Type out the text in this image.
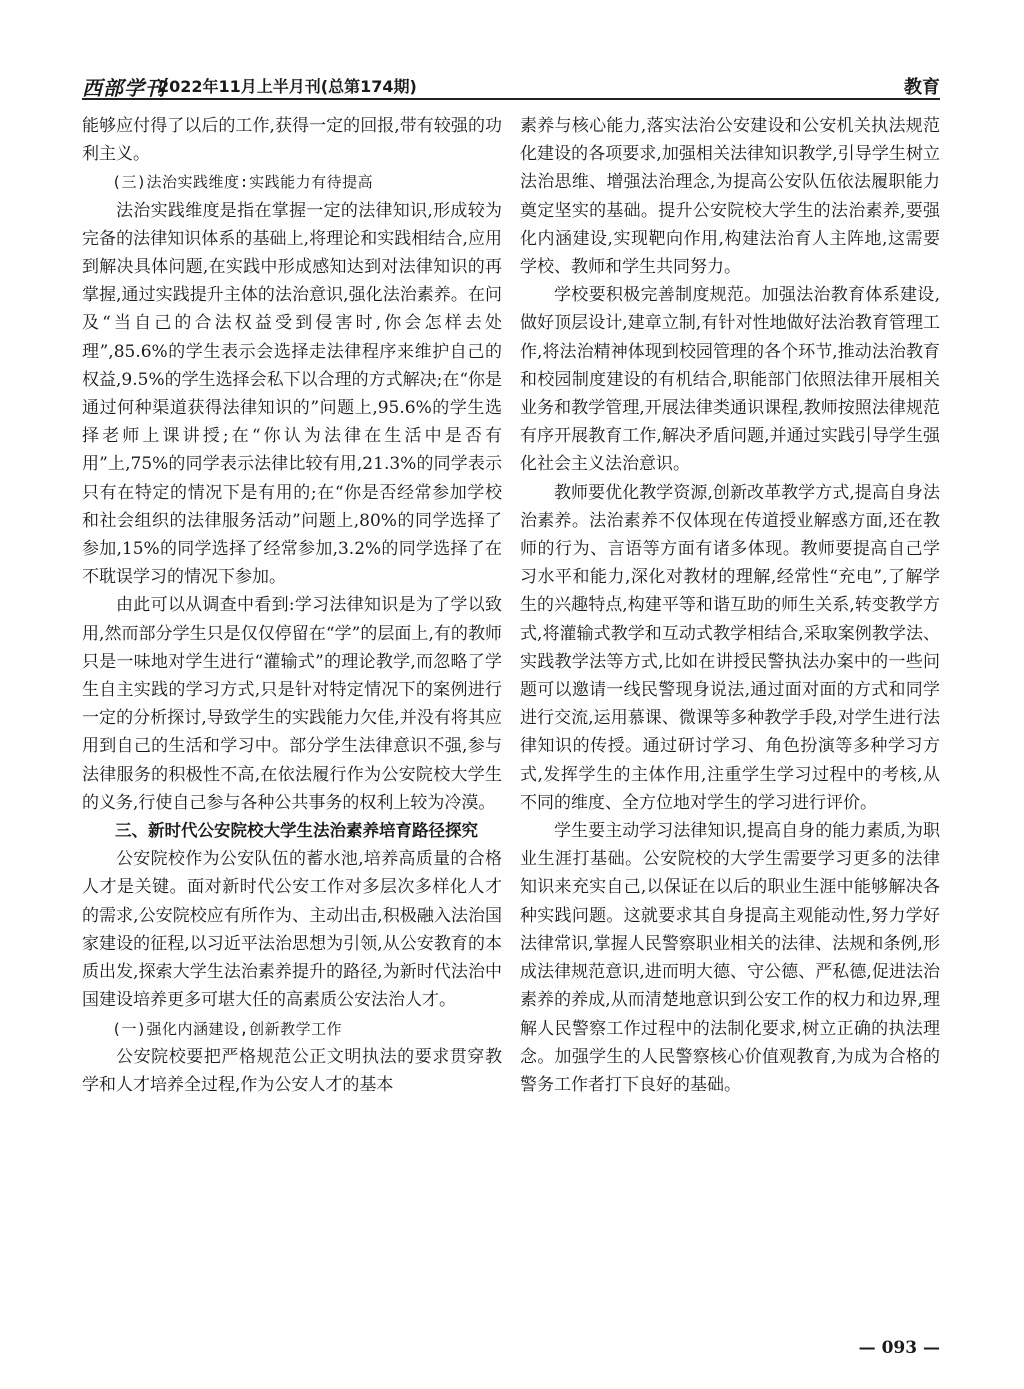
西部学刊
2022年11月上半月刊(总第174期)	教育

能够应付得了以后的工作,获得一定的回报,带有较强的功利主义。

(三)法治实践维度:实践能力有待提高

法治实践维度是指在掌握一定的法律知识,形成较为完备的法律知识体系的基础上,将理论和实践相结合,应用到解决具体问题,在实践中形成感知达到对法律知识的再掌握,通过实践提升主体的法治意识,强化法治素养。在问及“当自己的合法权益受到侵害时,你会怎样去处理”,85.6%的学生表示会选择走法律程序来维护自己的权益,9.5%的学生选择会私下以合理的方式解决;在“你是通过何种渠道获得法律知识的”问题上,95.6%的学生选择老师上课讲授;在“你认为法律在生活中是否有用”上,75%的同学表示法律比较有用,21.3%的同学表示只有在特定的情况下是有用的;在“你是否经常参加学校和社会组织的法律服务活动”问题上,80%的同学选择了参加,15%的同学选择了经常参加,3.2%的同学选择了在不耽误学习的情况下参加。

由此可以从调查中看到:学习法律知识是为了学以致用,然而部分学生只是仅仅停留在“学”的层面上,有的教师只是一味地对学生进行“灌输式”的理论教学,而忽略了学生自主实践的学习方式,只是针对特定情况下的案例进行一定的分析探讨,导致学生的实践能力欠佳,并没有将其应用到自己的生活和学习中。部分学生法律意识不强,参与法律服务的积极性不高,在依法履行作为公安院校大学生的义务,行使自己参与各种公共事务的权利上较为冷漠。

三、新时代公安院校大学生法治素养培育路径探究

公安院校作为公安队伍的蓄水池,培养高质量的合格人才是关键。面对新时代公安工作对多层次多样化人才的需求,公安院校应有所作为、主动出击,积极融入法治国家建设的征程,以习近平法治思想为引领,从公安教育的本质出发,探索大学生法治素养提升的路径,为新时代法治中国建设培养更多可堪大任的高素质公安法治人才。

(一)强化内涵建设,创新教学工作

公安院校要把严格规范公正文明执法的要求贯穿教学和人才培养全过程,作为公安人才的基本

素养与核心能力,落实法治公安建设和公安机关执法规范化建设的各项要求,加强相关法律知识教学,引导学生树立法治思维、增强法治理念,为提高公安队伍依法履职能力奠定坚实的基础。提升公安院校大学生的法治素养,要强化内涵建设,实现靶向作用,构建法治育人主阵地,这需要学校、教师和学生共同努力。

学校要积极完善制度规范。加强法治教育体系建设,做好顶层设计,建章立制,有针对性地做好法治教育管理工作,将法治精神体现到校园管理的各个环节,推动法治教育和校园制度建设的有机结合,职能部门依照法律开展相关业务和教学管理,开展法律类通识课程,教师按照法律规范有序开展教育工作,解决矛盾问题,并通过实践引导学生强化社会主义法治意识。

教师要优化教学资源,创新改革教学方式,提高自身法治素养。法治素养不仅体现在传道授业解惑方面,还在教师的行为、言语等方面有诸多体现。教师要提高自己学习水平和能力,深化对教材的理解,经常性“充电”,了解学生的兴趣特点,构建平等和谐互助的师生关系,转变教学方式,将灌输式教学和互动式教学相结合,采取案例教学法、实践教学法等方式,比如在讲授民警执法办案中的一些问题可以邀请一线民警现身说法,通过面对面的方式和同学进行交流,运用慕课、微课等多种教学手段,对学生进行法律知识的传授。通过研讨学习、角色扮演等多种学习方式,发挥学生的主体作用,注重学生学习过程中的考核,从不同的维度、全方位地对学生的学习进行评价。

学生要主动学习法律知识,提高自身的能力素质,为职业生涯打基础。公安院校的大学生需要学习更多的法律知识来充实自己,以保证在以后的职业生涯中能够解决各种实践问题。这就要求其自身提高主观能动性,努力学好法律常识,掌握人民警察职业相关的法律、法规和条例,形成法律规范意识,进而明大德、守公德、严私德,促进法治素养的养成,从而清楚地意识到公安工作的权力和边界,理解人民警察工作过程中的法制化要求,树立正确的执法理念。加强学生的人民警察核心价值观教育,为成为合格的警务工作者打下良好的基础。

— 093 —
